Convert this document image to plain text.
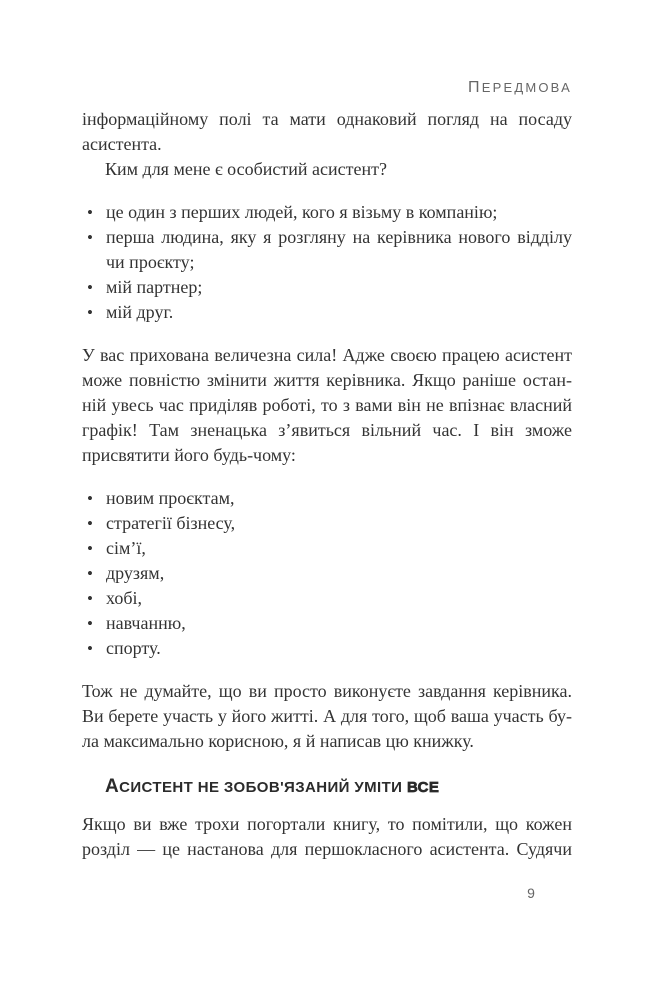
ПЕРЕДМОВА

інформаційному полі та мати однаковий погляд на посаду асистента.

Ким для мене є особистий асистент?

• це один з перших людей, кого я візьму в компанію;
• перша людина, яку я розгляну на керівника нового відділу чи проєкту;
• мій партнер;
• мій друг.

У вас прихована величезна сила! Адже своєю працею асистент може повністю змінити життя керівника. Якщо раніше останній увесь час приділяв роботі, то з вами він не впізнає власний графік! Там зненацька з’явиться вільний час. І він зможе присвятити його будь-чому:

• новим проєктам,
• стратегії бізнесу,
• сім’ї,
• друзям,
• хобі,
• навчанню,
• спорту.

Тож не думайте, що ви просто виконуєте завдання керівника. Ви берете участь у його житті. А для того, щоб ваша участь була максимально корисною, я й написав цю книжку.

АСИСТЕНТ НЕ ЗОБОВ'ЯЗАНИЙ УМІТИ ВСЕ

Якщо ви вже трохи погортали книгу, то помітили, що кожен розділ — це настанова для першокласного асистента. Судячи

9
